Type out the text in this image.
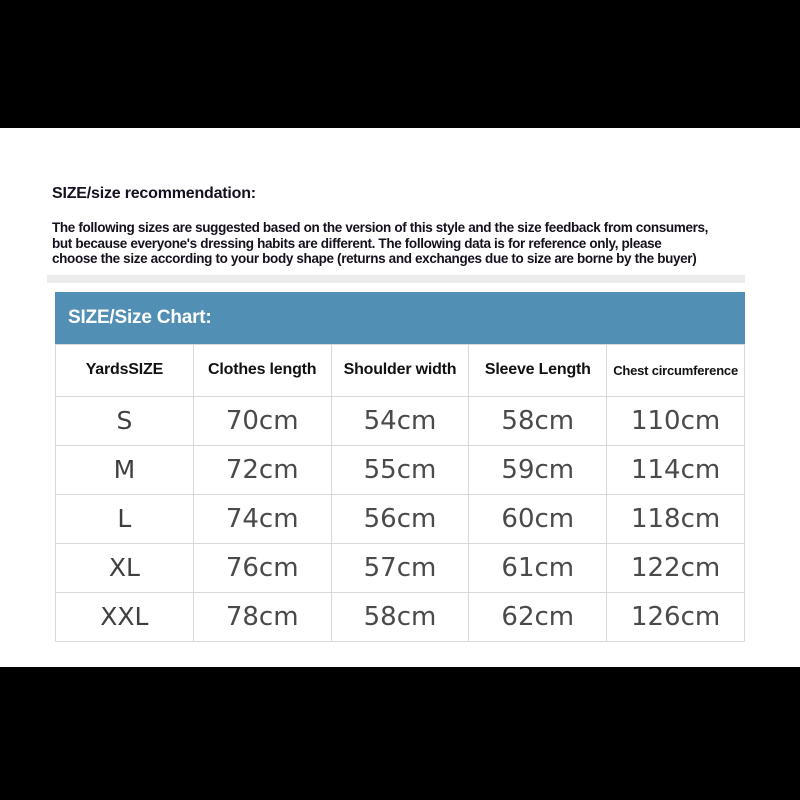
SIZE/size recommendation:
The following sizes are suggested based on the version of this style and the size feedback from consumers,
but because everyone's dressing habits are different. The following data is for reference only, please
choose the size according to your body shape (returns and exchanges due to size are borne by the buyer)
SIZE/Size Chart:
YardsSIZE	Clothes length	Shoulder width	Sleeve Length	Chest circumference
S	70cm	54cm	58cm	110cm
M	72cm	55cm	59cm	114cm
L	74cm	56cm	60cm	118cm
XL	76cm	57cm	61cm	122cm
XXL	78cm	58cm	62cm	126cm
